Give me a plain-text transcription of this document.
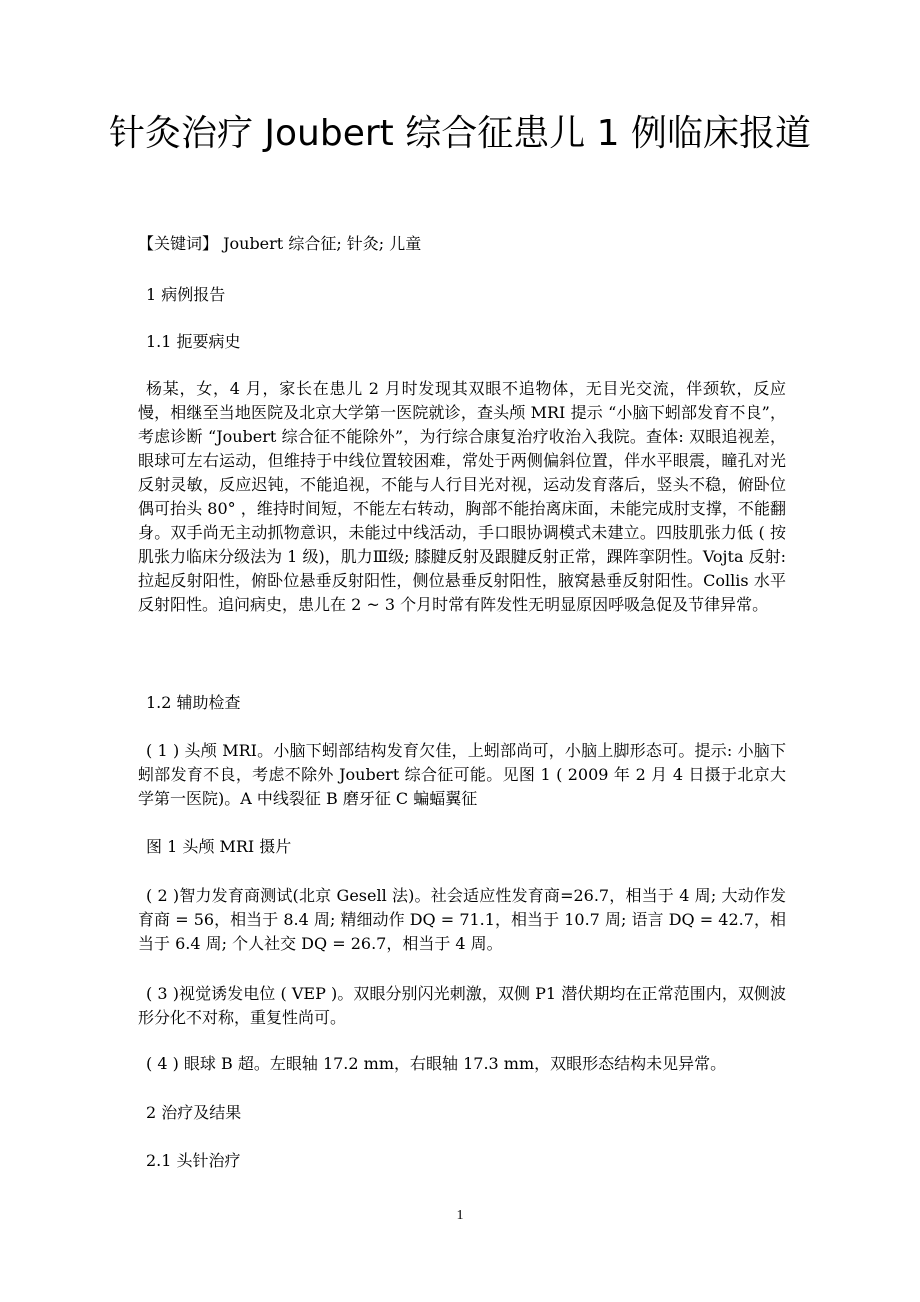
针灸治疗 Joubert 综合征患儿 1 例临床报道

【关键词】 Joubert 综合征; 针灸; 儿童

1 病例报告

1.1 扼要病史

杨某，女，4 月，家长在患儿 2 月时发现其双眼不追物体，无目光交流，伴颈软，反应慢，相继至当地医院及北京大学第一医院就诊，查头颅 MRI 提示 “小脑下蚓部发育不良”，考虑诊断 “Joubert 综合征不能除外”，为行综合康复治疗收治入我院。查体: 双眼追视差，眼球可左右运动，但维持于中线位置较困难，常处于两侧偏斜位置，伴水平眼震，瞳孔对光反射灵敏，反应迟钝，不能追视，不能与人行目光对视，运动发育落后，竖头不稳，俯卧位偶可抬头 80° ，维持时间短，不能左右转动，胸部不能抬离床面，未能完成肘支撑，不能翻身。双手尚无主动抓物意识，未能过中线活动，手口眼协调模式未建立。四肢肌张力低 ( 按肌张力临床分级法为 1 级)，肌力Ⅲ级; 膝腱反射及跟腱反射正常，踝阵挛阴性。Vojta 反射: 拉起反射阳性，俯卧位悬垂反射阳性，侧位悬垂反射阳性，腋窝悬垂反射阳性。Collis 水平反射阳性。追问病史，患儿在 2 ~ 3 个月时常有阵发性无明显原因呼吸急促及节律异常。

1.2 辅助检查

( 1 ) 头颅 MRI。小脑下蚓部结构发育欠佳，上蚓部尚可，小脑上脚形态可。提示: 小脑下蚓部发育不良，考虑不除外 Joubert 综合征可能。见图 1 ( 2009 年 2 月 4 日摄于北京大学第一医院)。A 中线裂征 B 磨牙征 C 蝙蝠翼征

图 1 头颅 MRI 摄片

( 2 )智力发育商测试(北京 Gesell 法)。社会适应性发育商=26.7，相当于 4 周; 大动作发育商 = 56，相当于 8.4 周; 精细动作 DQ = 71.1，相当于 10.7 周; 语言 DQ = 42.7，相当于 6.4 周; 个人社交 DQ = 26.7，相当于 4 周。

( 3 )视觉诱发电位 ( VEP )。双眼分别闪光刺激，双侧 P1 潜伏期均在正常范围内，双侧波形分化不对称，重复性尚可。

( 4 ) 眼球 B 超。左眼轴 17.2 mm，右眼轴 17.3 mm，双眼形态结构未见异常。

2 治疗及结果

2.1 头针治疗

1
